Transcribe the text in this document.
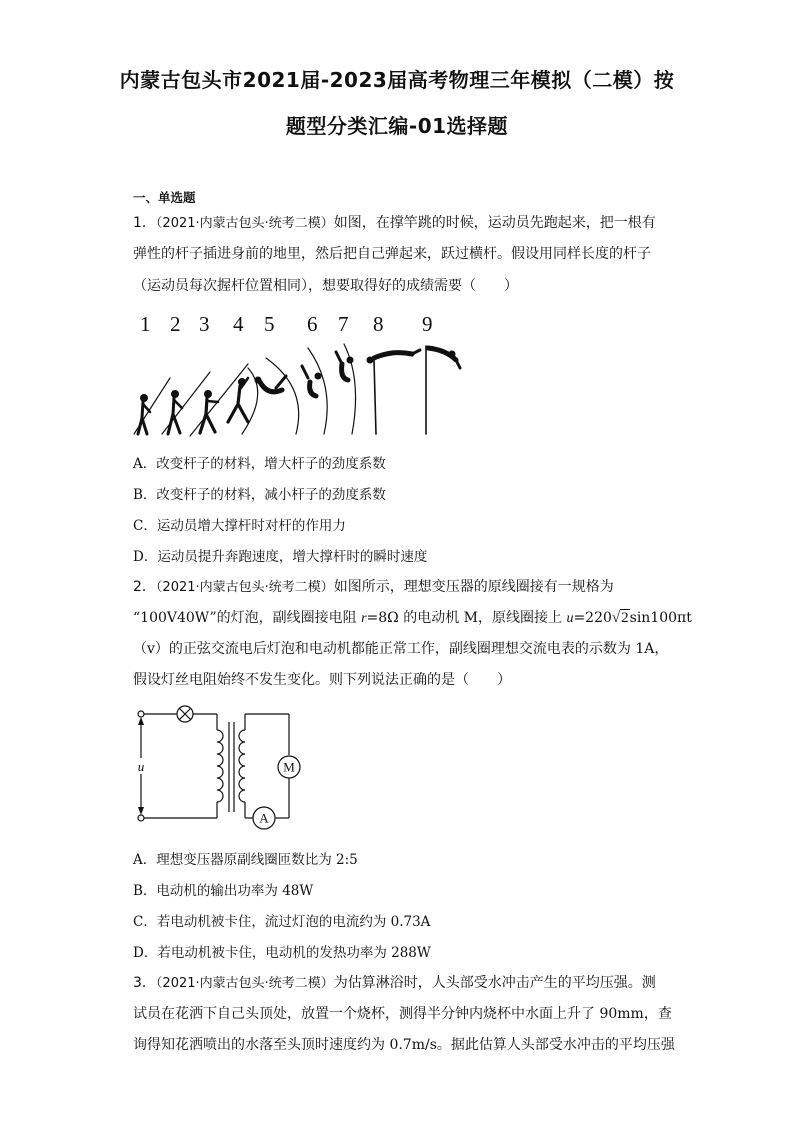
内蒙古包头市2021届-2023届高考物理三年模拟（二模）按
题型分类汇编-01选择题
一、单选题
1．（2021·内蒙古包头·统考二模）如图，在撑竿跳的时候，运动员先跑起来，把一根有
弹性的杆子插进身前的地里，然后把自己弹起来，跃过横杆。假设用同样长度的杆子
（运动员每次握杆位置相同），想要取得好的成绩需要（　　）
1 2 3 4 5 6 7 8 9
A．改变杆子的材料，增大杆子的劲度系数
B．改变杆子的材料，减小杆子的劲度系数
C．运动员增大撑杆时对杆的作用力
D．运动员提升奔跑速度，增大撑杆时的瞬时速度
2．（2021·内蒙古包头·统考二模）如图所示，理想变压器的原线圈接有一规格为
“100V40W”的灯泡，副线圈接电阻 r=8Ω 的电动机 M，原线圈接上 u=220√2sin100πt
（v）的正弦交流电后灯泡和电动机都能正常工作，副线圈理想交流电表的示数为 1A，
假设灯丝电阻始终不发生变化。则下列说法正确的是（　　）
u	M
A
A．理想变压器原副线圈匝数比为 2:5
B．电动机的输出功率为 48W
C．若电动机被卡住，流过灯泡的电流约为 0.73A
D．若电动机被卡住，电动机的发热功率为 288W
3．（2021·内蒙古包头·统考二模）为估算淋浴时，人头部受水冲击产生的平均压强。测
试员在花洒下自己头顶处，放置一个烧杯，测得半分钟内烧杯中水面上升了 90mm，查
询得知花洒喷出的水落至头顶时速度约为 0.7m/s。据此估算人头部受水冲击的平均压强
